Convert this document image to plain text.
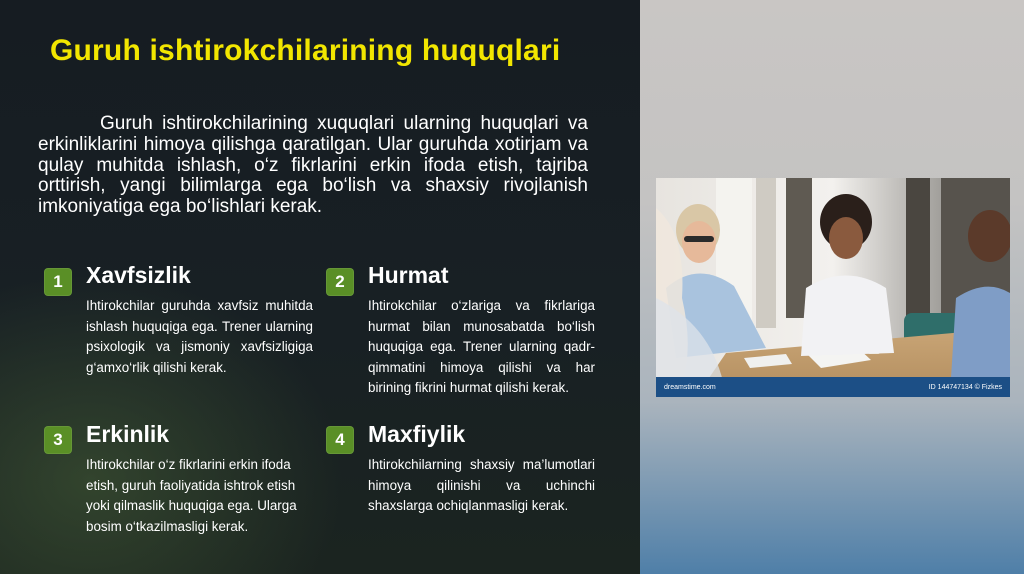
Guruh ishtirokchilarining huquqlari

Guruh ishtirokchilarining xuquqlari ularning huquqlari va erkinliklarini himoya qilishga qaratilgan. Ular guruhda xotirjam va qulay muhitda ishlash, o‘z fikrlarini erkin ifoda etish, tajriba orttirish, yangi bilimlarga ega bo‘lish va shaxsiy rivojlanish imkoniyatiga ega bo‘lishlari kerak.

1	Xavfsizlik

Ihtirokchilar guruhda xavfsiz muhitda ishlash huquqiga ega. Trener ularning psixologik va jismoniy xavfsizligiga g‘amxo‘rlik qilishi kerak.

2	Hurmat

Ihtirokchilar o‘zlariga va fikrlariga hurmat bilan munosabatda bo‘lish huquqiga ega. Trener ularning qadr-qimmatini himoya qilishi va har birining fikrini hurmat qilishi kerak.

3	Erkinlik

Ihtirokchilar o‘z fikrlarini erkin ifoda etish, guruh faoliyatida ishtrok etish yoki qilmaslik huquqiga ega. Ularga bosim o‘tkazilmasligi kerak.

4	Maxfiylik

Ihtirokchilarning shaxsiy ma’lumotlari himoya qilinishi va uchinchi shaxslarga ochiqlanmasligi kerak.

dreamstime.com	ID 144747134 © Fizkes
